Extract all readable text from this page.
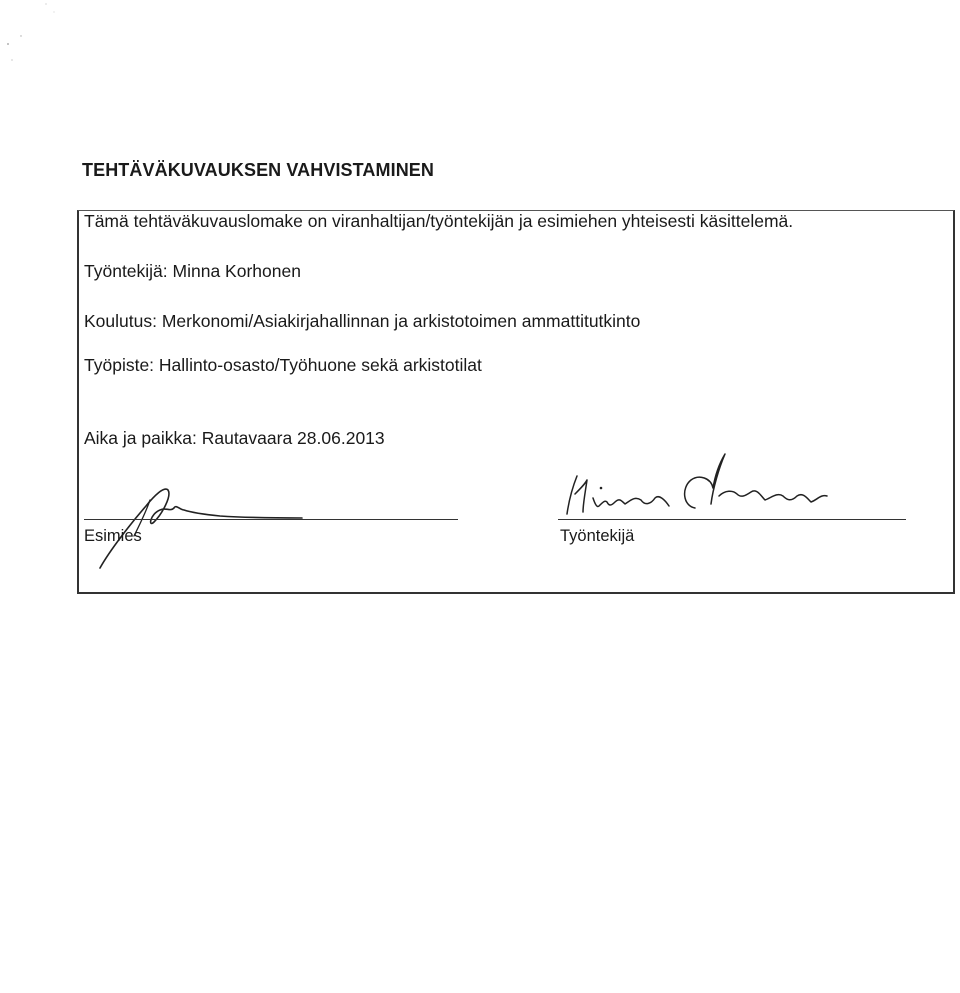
TEHTÄVÄKUVAUKSEN VAHVISTAMINEN
Tämä tehtäväkuvauslomake on viranhaltijan/työntekijän ja esimiehen yhteisesti käsittelemä.
Työntekijä: Minna Korhonen
Koulutus: Merkonomi/Asiakirjahallinnan ja arkistotoimen ammattitutkinto
Työpiste: Hallinto-osasto/Työhuone sekä arkistotilat
Aika ja paikka: Rautavaara 28.06.2013
Esimies	Työntekijä
